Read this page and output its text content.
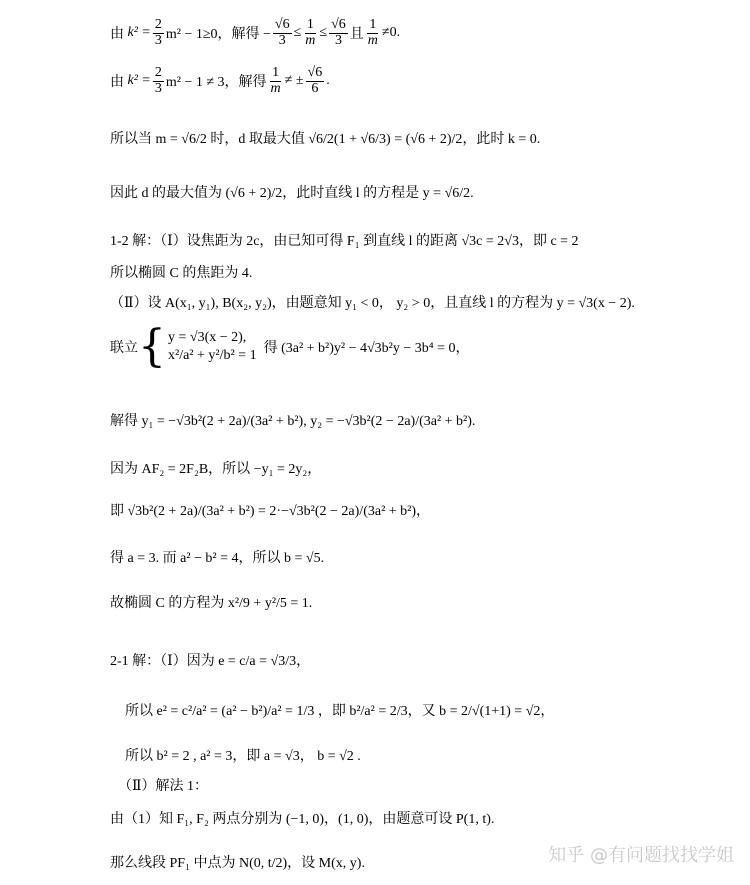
由
$k^2 = \frac{2}{3} m^2 - 1\ge 0$，解得 − $\frac{√6}{3} \le \frac{1}{m} \le \frac{√6}{3}$ 且 $\frac{1}{m} \ne 0$.
由
$k^2 = \frac{2}{3} m^2 - 1 \ne 3$，解得 $\frac{1}{m}$ ≠ ± $\frac{√6}{6}$ .
所以当 m = √6/2 时，d 取最大值 √6/2(1 + √6/3) = (√6 + 2)/2，此时 k = 0.
因此 d 的最大值为 (√6 + 2)/2，此时直线 l 的方程是 y = √6/2.
1-2 解：（Ⅰ）设焦距为 2c，由已知可得 F₁ 到直线 l 的距离 √3c = 2√3，即 c = 2
所以椭圆 C 的焦距为 4.
（Ⅱ）设 A(x₁, y₁), B(x₂, y₂)，由题意知 y₁ < 0， y₂ > 0，且直线 l 的方程为 y = √3(x − 2).
联立 { y = √3(x − 2),
x²/a² + y²/b² = 1
得 (3a² + b²)y² − 4√3b²y − 3b⁴ = 0，
解得 y₁ = −√3b²(2 + 2a)/(3a² + b²), y₂ = −√3b²(2 − 2a)/(3a² + b²).
因为 AF₂ = 2F₂B，所以 −y₁ = 2y₂，
即 √3b²(2 + 2a)/(3a² + b²) = 2·−√3b²(2 − 2a)/(3a² + b²)，
得 a = 3. 而 a² − b² = 4，所以 b = √5.
故椭圆 C 的方程为 x²/9 + y²/5 = 1.
2-1 解：（Ⅰ）因为 e = c/a = √3/3，
所以 e² = c²/a² = (a² − b²)/a² = 1/3 ，即 b²/a² = 2/3，又 b = 2/√(1+1) = √2，
所以 b² = 2 , a² = 3，即 a = √3， b = √2 .
（Ⅱ）解法 1：
由（1）知 F₁, F₂ 两点分别为 (−1, 0)，(1, 0)，由题意可设 P(1, t).
那么线段 PF₁ 中点为 N(0, t/2)，设 M(x, y).	知乎 @有问题找找学姐
